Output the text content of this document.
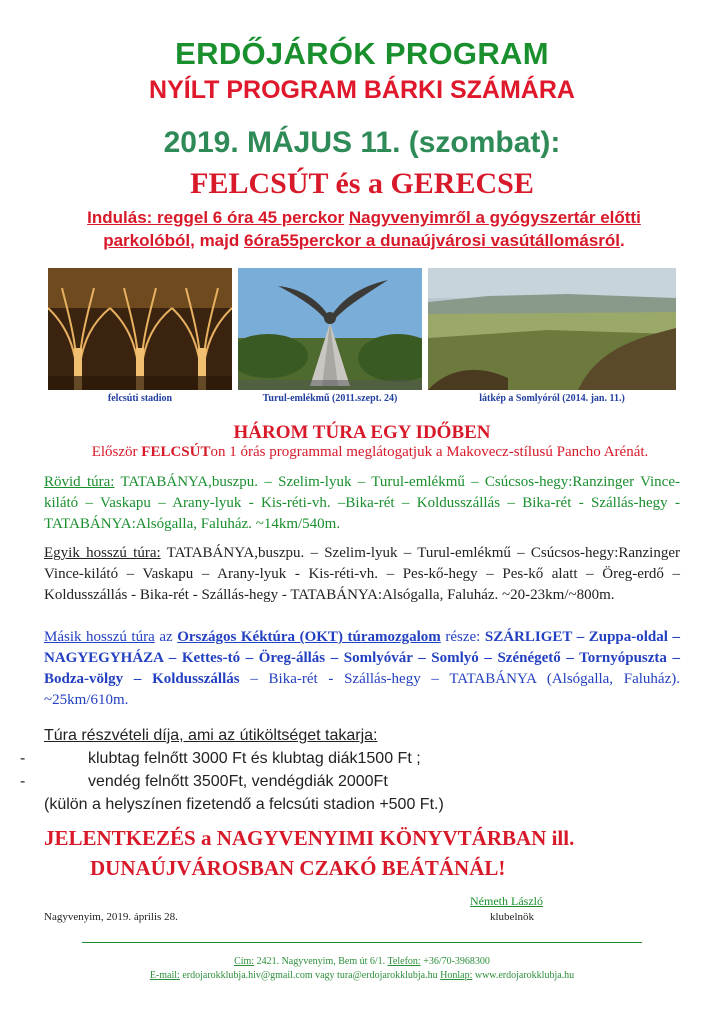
ERDŐJÁRÓK PROGRAM
NYÍLT PROGRAM BÁRKI SZÁMÁRA
2019. MÁJUS 11. (szombat):
FELCSÚT és a GERECSE
Indulás: reggel 6 óra 45 perckor Nagyvenyimről a gyógyszertár előtti parkolóból, majd 6óra55perckor a dunaújvárosi vasútállomásról.
felcsúti stadion	Turul-emlékmű (2011.szept. 24)	látkép a Somlyóról (2014. jan. 11.)
HÁROM TÚRA EGY IDŐBEN
Először FELCSÚTon 1 órás programmal meglátogatjuk a Makovecz-stílusú Pancho Arénát.
Rövid túra: TATABÁNYA,buszpu. – Szelim-lyuk – Turul-emlékmű – Csúcsos-hegy:Ranzinger Vince-kilátó – Vaskapu – Arany-lyuk - Kis-réti-vh. –Bika-rét – Koldusszállás – Bika-rét - Szállás-hegy - TATABÁNYA:Alsógalla, Faluház. ~14km/540m.
Egyik hosszú túra: TATABÁNYA,buszpu. – Szelim-lyuk – Turul-emlékmű – Csúcsos-hegy:Ranzinger Vince-kilátó – Vaskapu – Arany-lyuk - Kis-réti-vh. – Pes-kő-hegy – Pes-kő alatt – Öreg-erdő – Koldusszállás - Bika-rét - Szállás-hegy - TATABÁNYA:Alsógalla, Faluház. ~20-23km/~800m.
Másik hosszú túra az Országos Kéktúra (OKT) túramozgalom része: SZÁRLIGET – Zuppa-oldal – NAGYEGYHÁZA – Kettes-tó – Öreg-állás – Somlyóvár – Somlyó – Szénégető – Tornyópuszta – Bodza-völgy – Koldusszállás – Bika-rét - Szállás-hegy – TATABÁNYA (Alsógalla, Faluház). ~25km/610m.
Túra részvételi díja, ami az útiköltséget takarja:
-	klubtag felnőtt 3000 Ft és klubtag diák1500 Ft ;
-	vendég felnőtt 3500Ft, vendégdiák 2000Ft
(külön a helyszínen fizetendő a felcsúti stadion +500 Ft.)
JELENTKEZÉS a NAGYVENYIMI KÖNYVTÁRBAN ill.
DUNAÚJVÁROSBAN CZAKÓ BEÁTÁNÁL!
Németh László
klubelnök
Nagyvenyim, 2019. április 28.
Cím: 2421. Nagyvenyim, Bem út 6/1. Telefon: +36/70-3968300
E-mail: erdojarokklubja.hiv@gmail.com vagy tura@erdojarokklubja.hu Honlap: www.erdojarokklubja.hu
